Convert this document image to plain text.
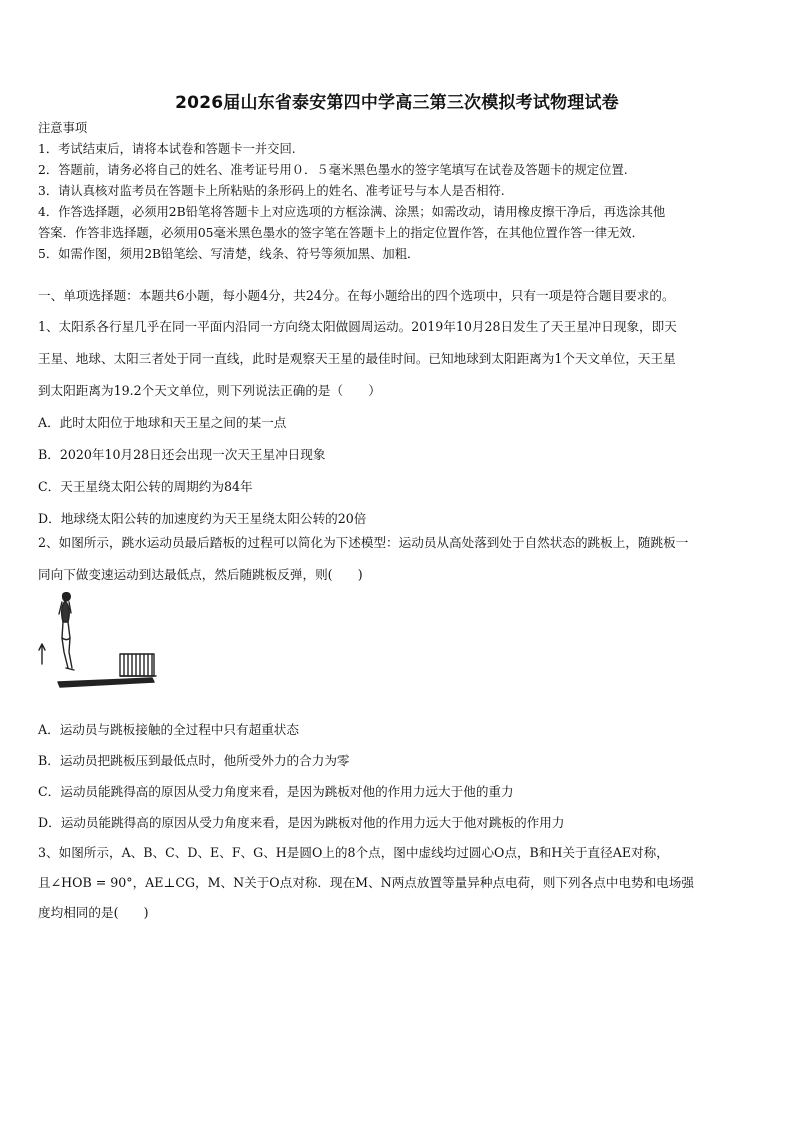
2026届山东省泰安第四中学高三第三次模拟考试物理试卷

注意事项

1．考试结束后，请将本试卷和答题卡一并交回.

2．答题前，请务必将自己的姓名、准考证号用０．５毫米黑色墨水的签字笔填写在试卷及答题卡的规定位置.

3．请认真核对监考员在答题卡上所粘贴的条形码上的姓名、准考证号与本人是否相符.

4．作答选择题，必须用2B铅笔将答题卡上对应选项的方框涂满、涂黑；如需改动，请用橡皮擦干净后，再选涂其他

答案．作答非选择题，必须用05毫米黑色墨水的签字笔在答题卡上的指定位置作答，在其他位置作答一律无效．

5．如需作图，须用2B铅笔绘、写清楚，线条、符号等须加黑、加粗．

一、单项选择题：本题共6小题，每小题4分，共24分。在每小题给出的四个选项中，只有一项是符合题目要求的。

1、太阳系各行星几乎在同一平面内沿同一方向绕太阳做圆周运动。2019年10月28日发生了天王星冲日现象，即天

王星、地球、太阳三者处于同一直线，此时是观察天王星的最佳时间。已知地球到太阳距离为1个天文单位，天王星

到太阳距离为19.2个天文单位，则下列说法正确的是（　　）

A．此时太阳位于地球和天王星之间的某一点

B．2020年10月28日还会出现一次天王星冲日现象

C．天王星绕太阳公转的周期约为84年

D．地球绕太阳公转的加速度约为天王星绕太阳公转的20倍

2、如图所示，跳水运动员最后踏板的过程可以简化为下述模型：运动员从高处落到处于自然状态的跳板上，随跳板一

同向下做变速运动到达最低点，然后随跳板反弹，则(　　)

A．运动员与跳板接触的全过程中只有超重状态

B．运动员把跳板压到最低点时，他所受外力的合力为零

C．运动员能跳得高的原因从受力角度来看，是因为跳板对他的作用力远大于他的重力

D．运动员能跳得高的原因从受力角度来看，是因为跳板对他的作用力远大于他对跳板的作用力

3、如图所示，A、B、C、D、E、F、G、H是圆O上的8个点，图中虚线均过圆心O点，B和H关于直径AE对称，

且∠HOB = 90°，AE⊥CG，M、N关于O点对称．现在M、N两点放置等量异种点电荷，则下列各点中电势和电场强

度均相同的是(　　)
